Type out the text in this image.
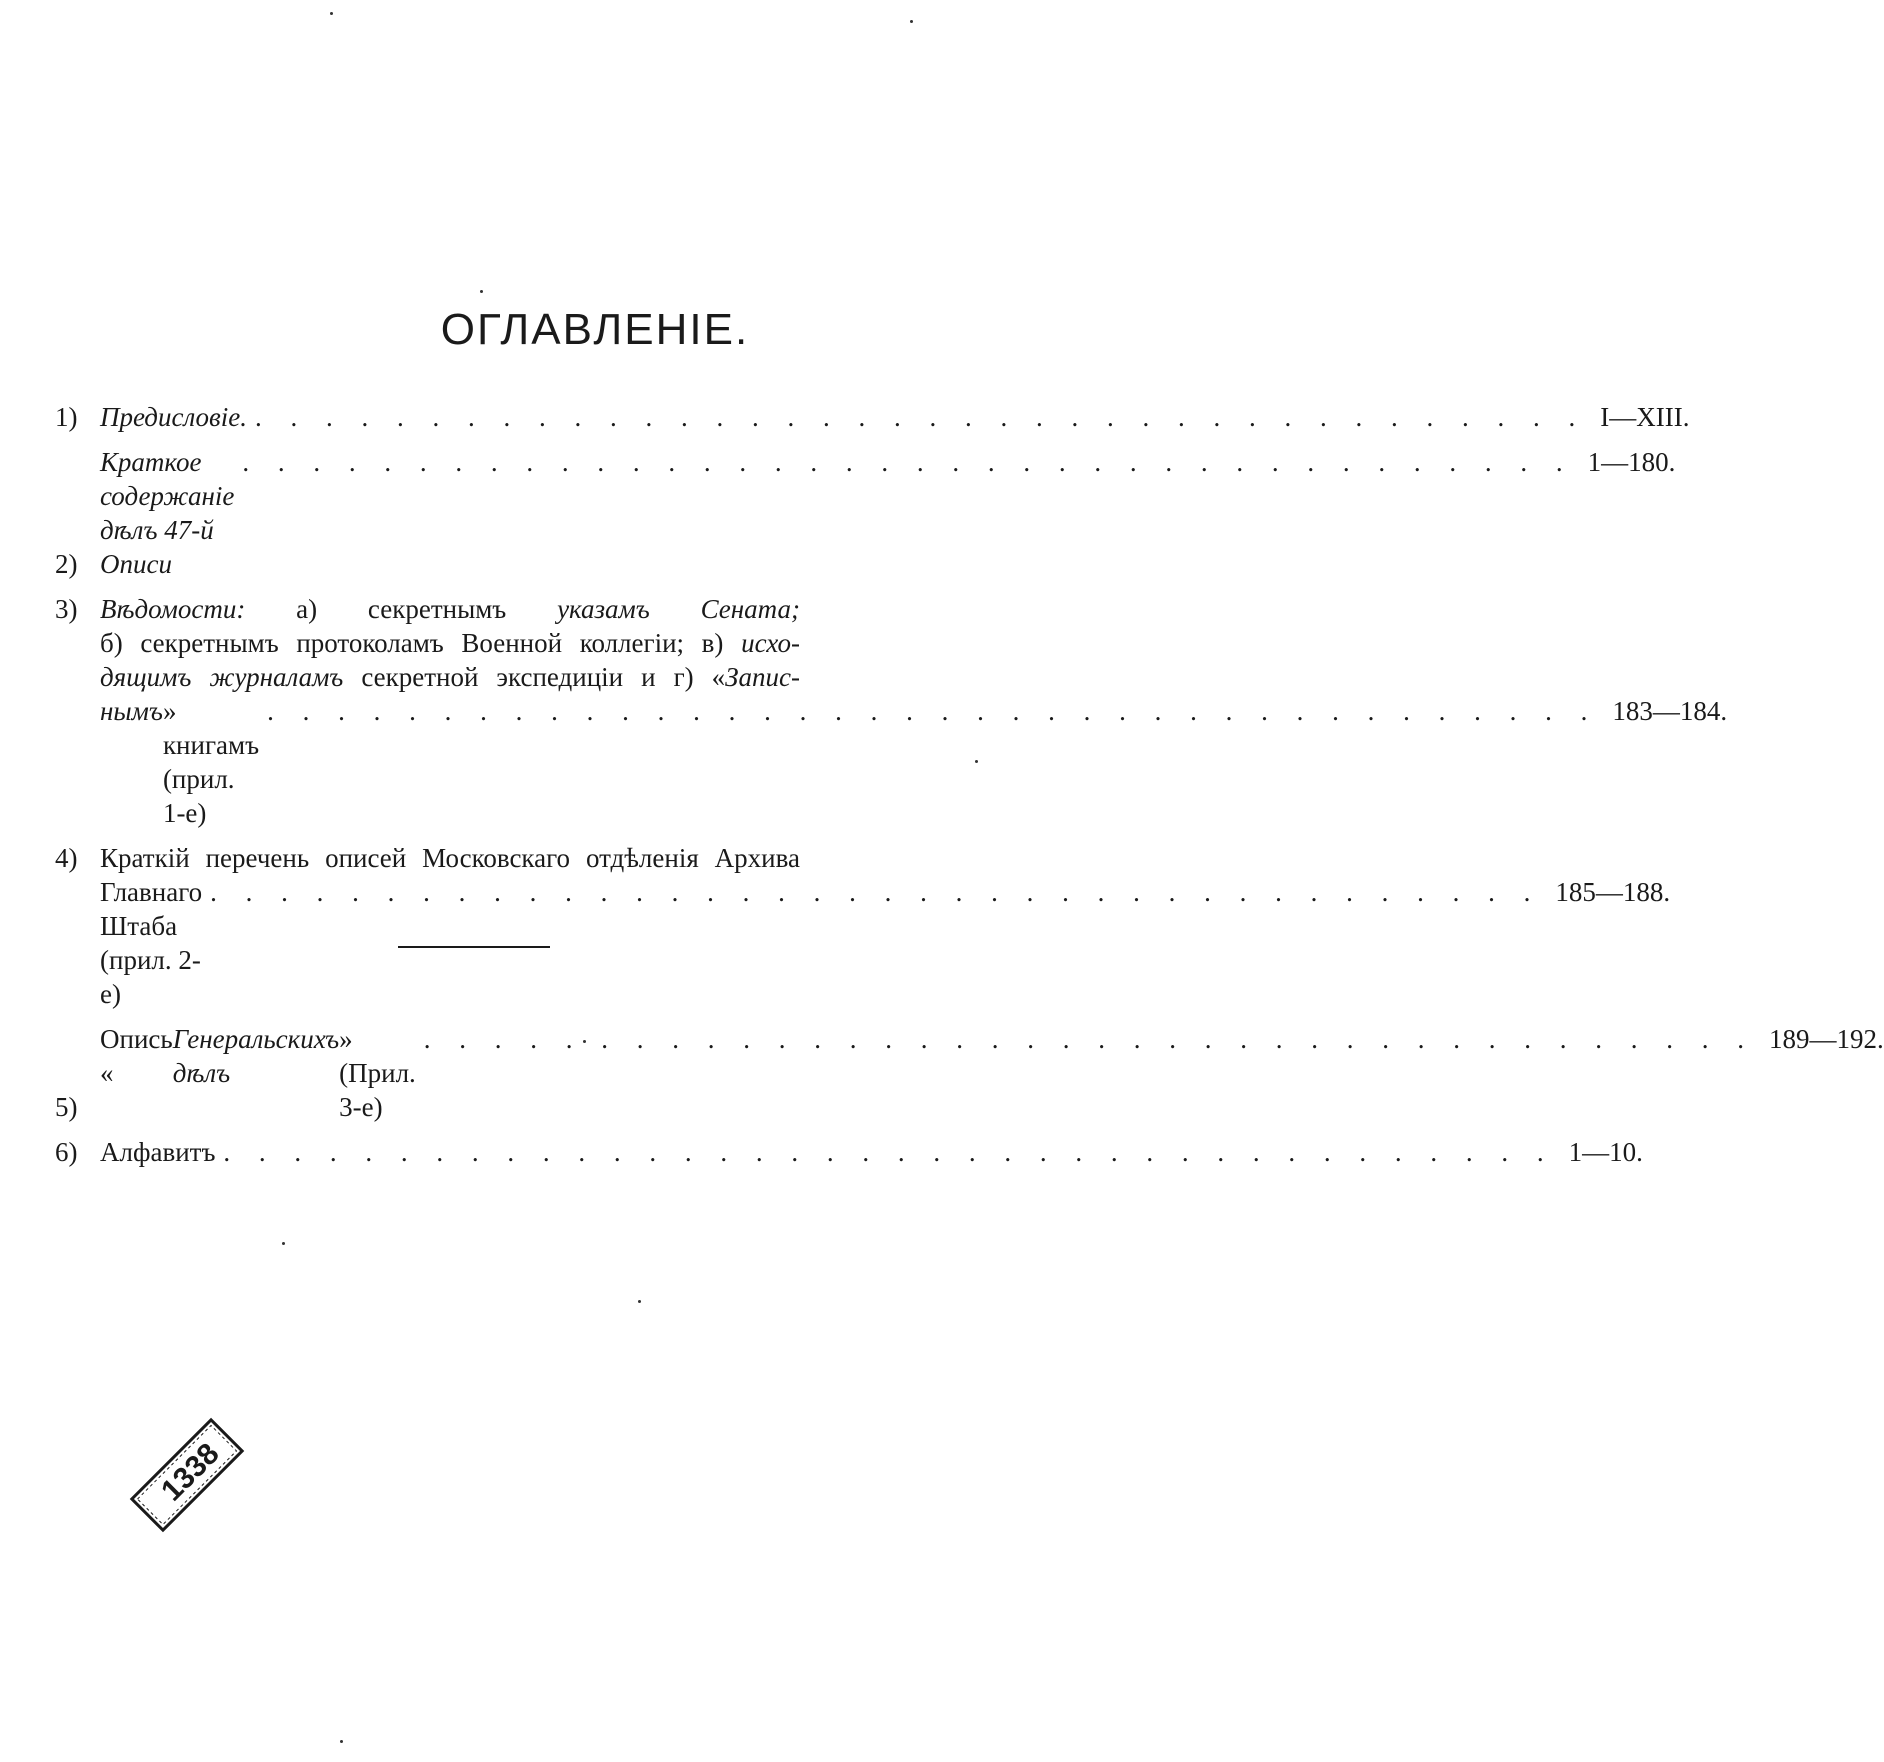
ОГЛАВЛЕНІЕ.
1) Предисловіе. . . .	I—XIII.
2)
Краткое содержаніе дѣлъ 47-й Описи
. . .
1—180.
3) Вѣдомости: а) секретнымъ указамъ Сената;
б) секретнымъ протоколамъ Военной коллегіи; в) исхо-
дящимъ журналамъ секретной экспедиціи и г) «Запис-
нымъ » книгамъ (прил. 1-е)
. . .
183—184.
4) Краткій перечень описей Московскаго отдѣленія Архива
Главнаго Штаба (прил. 2-е)
. . .
185—188.
5)
Опись «
Генеральскихъ дѣлъ
» (Прил. 3-е)
. . .
189—192.
6) Алфавитъ . . .	1—10.
1338
